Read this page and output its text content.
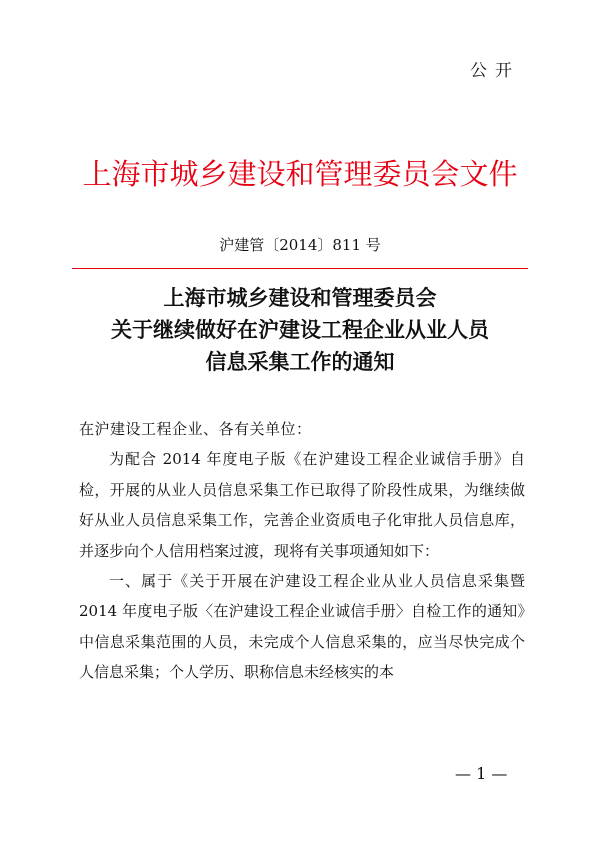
公开
上海市城乡建设和管理委员会文件
沪建管〔2014〕811 号
上海市城乡建设和管理委员会
关于继续做好在沪建设工程企业从业人员
信息采集工作的通知

在沪建设工程企业、各有关单位：

为配合 2014 年度电子版《在沪建设工程企业诚信手册》自检，开展的从业人员信息采集工作已取得了阶段性成果，为继续做好从业人员信息采集工作，完善企业资质电子化审批人员信息库，并逐步向个人信用档案过渡，现将有关事项通知如下：

一、属于《关于开展在沪建设工程企业从业人员信息采集暨 2014 年度电子版〈在沪建设工程企业诚信手册〉自检工作的通知》中信息采集范围的人员，未完成个人信息采集的，应当尽快完成个人信息采集；个人学历、职称信息未经核实的本

— 1 —
